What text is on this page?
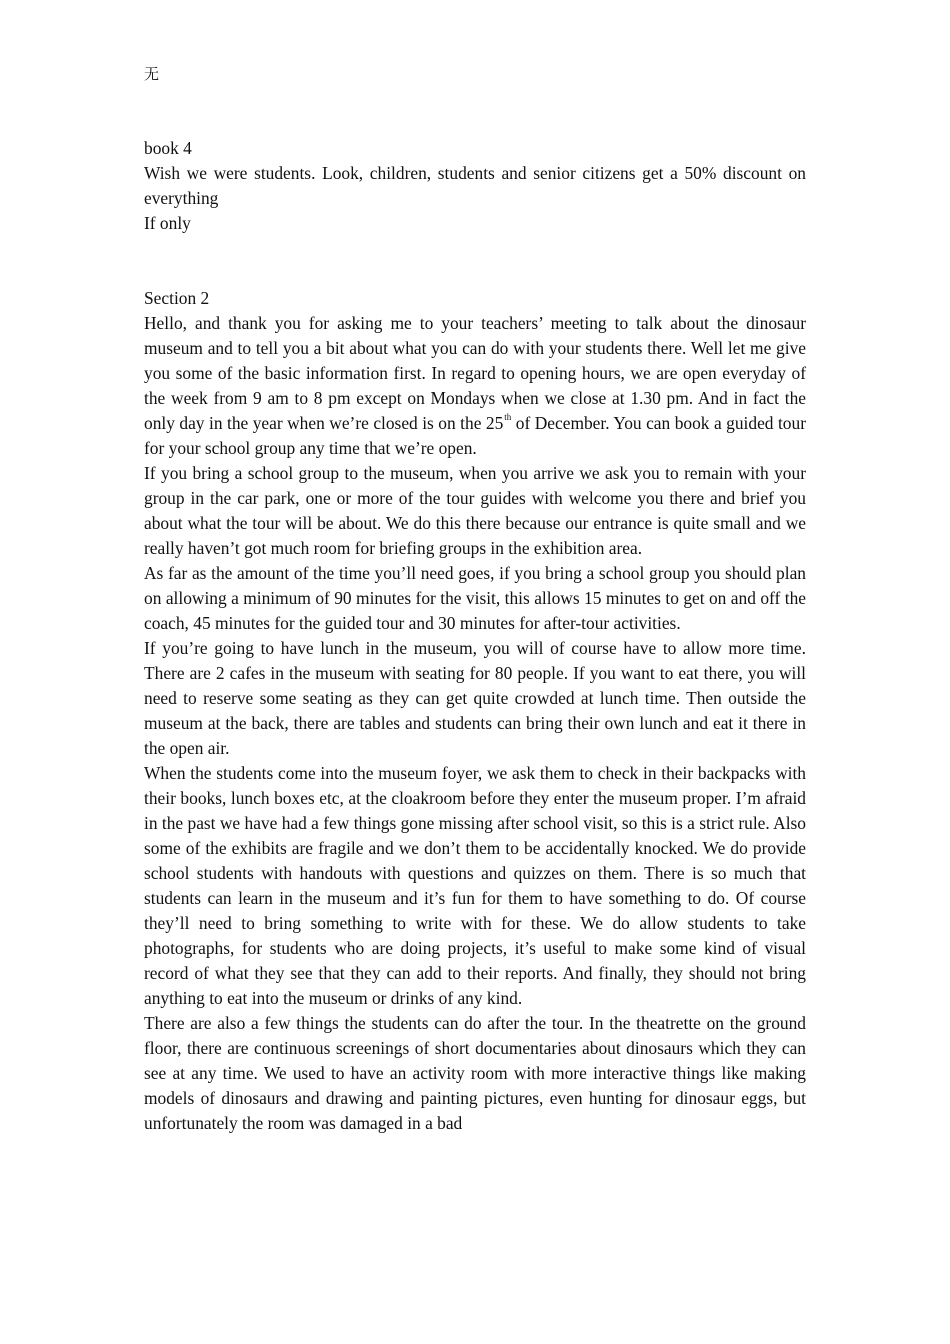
无

book 4

Wish we were students. Look, children, students and senior citizens get a 50% discount on everything

If only

Section 2

Hello, and thank you for asking me to your teachers’ meeting to talk about the dinosaur museum and to tell you a bit about what you can do with your students there. Well let me give you some of the basic information first. In regard to opening hours, we are open everyday of the week from 9 am to 8 pm except on Mondays when we close at 1.30 pm. And in fact the only day in the year when we’re closed is on the 25th of December. You can book a guided tour for your school group any time that we’re open.

If you bring a school group to the museum, when you arrive we ask you to remain with your group in the car park, one or more of the tour guides with welcome you there and brief you about what the tour will be about. We do this there because our entrance is quite small and we really haven’t got much room for briefing groups in the exhibition area.

As far as the amount of the time you’ll need goes, if you bring a school group you should plan on allowing a minimum of 90 minutes for the visit, this allows 15 minutes to get on and off the coach, 45 minutes for the guided tour and 30 minutes for after-tour activities.

If you’re going to have lunch in the museum, you will of course have to allow more time. There are 2 cafes in the museum with seating for 80 people. If you want to eat there, you will need to reserve some seating as they can get quite crowded at lunch time. Then outside the museum at the back, there are tables and students can bring their own lunch and eat it there in the open air.

When the students come into the museum foyer, we ask them to check in their backpacks with their books, lunch boxes etc, at the cloakroom before they enter the museum proper. I’m afraid in the past we have had a few things gone missing after school visit, so this is a strict rule. Also some of the exhibits are fragile and we don’t them to be accidentally knocked. We do provide school students with handouts with questions and quizzes on them. There is so much that students can learn in the museum and it’s fun for them to have something to do. Of course they’ll need to bring something to write with for these. We do allow students to take photographs, for students who are doing projects, it’s useful to make some kind of visual record of what they see that they can add to their reports. And finally, they should not bring anything to eat into the museum or drinks of any kind.

There are also a few things the students can do after the tour. In the theatrette on the ground floor, there are continuous screenings of short documentaries about dinosaurs which they can see at any time. We used to have an activity room with more interactive things like making models of dinosaurs and drawing and painting pictures, even hunting for dinosaur eggs, but unfortunately the room was damaged in a bad
